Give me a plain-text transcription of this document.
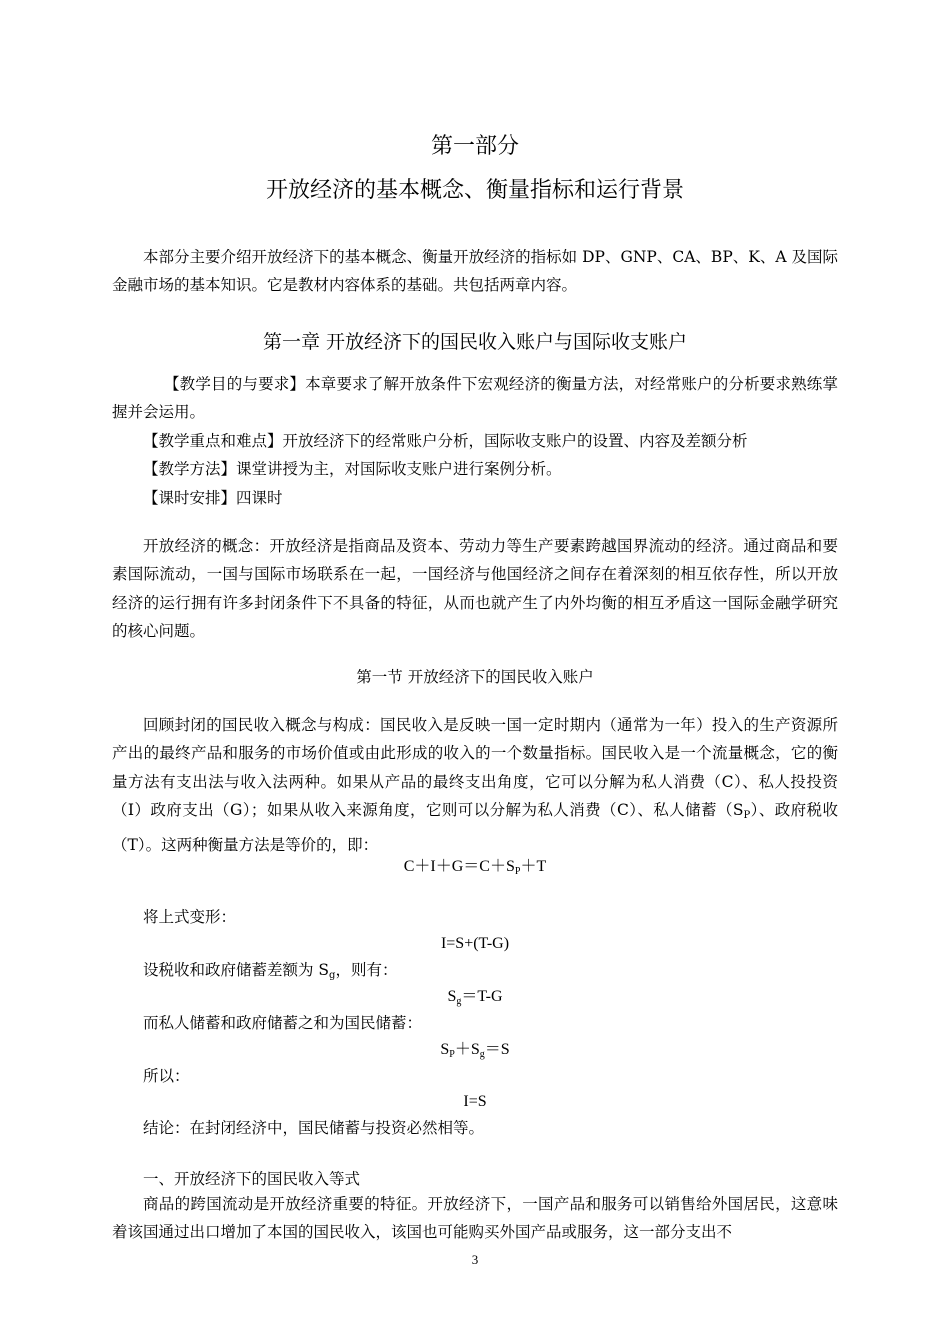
第一部分
开放经济的基本概念、衡量指标和运行背景

本部分主要介绍开放经济下的基本概念、衡量开放经济的指标如 DP、GNP、CA、BP、K、A 及国际金融市场的基本知识。它是教材内容体系的基础。共包括两章内容。

第一章 开放经济下的国民收入账户与国际收支账户

【教学目的与要求】本章要求了解开放条件下宏观经济的衡量方法，对经常账户的分析要求熟练掌握并会运用。

【教学重点和难点】开放经济下的经常账户分析，国际收支账户的设置、内容及差额分析

【教学方法】课堂讲授为主，对国际收支账户进行案例分析。

【课时安排】四课时

开放经济的概念：开放经济是指商品及资本、劳动力等生产要素跨越国界流动的经济。通过商品和要素国际流动，一国与国际市场联系在一起，一国经济与他国经济之间存在着深刻的相互依存性，所以开放经济的运行拥有许多封闭条件下不具备的特征，从而也就产生了内外均衡的相互矛盾这一国际金融学研究的核心问题。

第一节 开放经济下的国民收入账户

回顾封闭的国民收入概念与构成：国民收入是反映一国一定时期内（通常为一年）投入的生产资源所产出的最终产品和服务的市场价值或由此形成的收入的一个数量指标。国民收入是一个流量概念，它的衡量方法有支出法与收入法两种。如果从产品的最终支出角度，它可以分解为私人消费（C）、私人投投资（I）政府支出（G）；如果从收入来源角度，它则可以分解为私人消费（C）、私人储蓄$(S_P)$、政府税收（T）。这两种衡量方法是等价的，即：

$C+I+G=C+S_P+T$
将上式变形：
I=S+(T-G)
设税收和政府储蓄差额为 $S_g$，则有：
$S_g=T-G$
而私人储蓄和政府储蓄之和为国民储蓄：
$S_P+S_g=S$
所以：
I=S
结论：在封闭经济中，国民储蓄与投资必然相等。
一、开放经济下的国民收入等式

商品的跨国流动是开放经济重要的特征。开放经济下，一国产品和服务可以销售给外国居民，这意味着该国通过出口增加了本国的国民收入，该国也可能购买外国产品或服务，这一部分支出不

3
